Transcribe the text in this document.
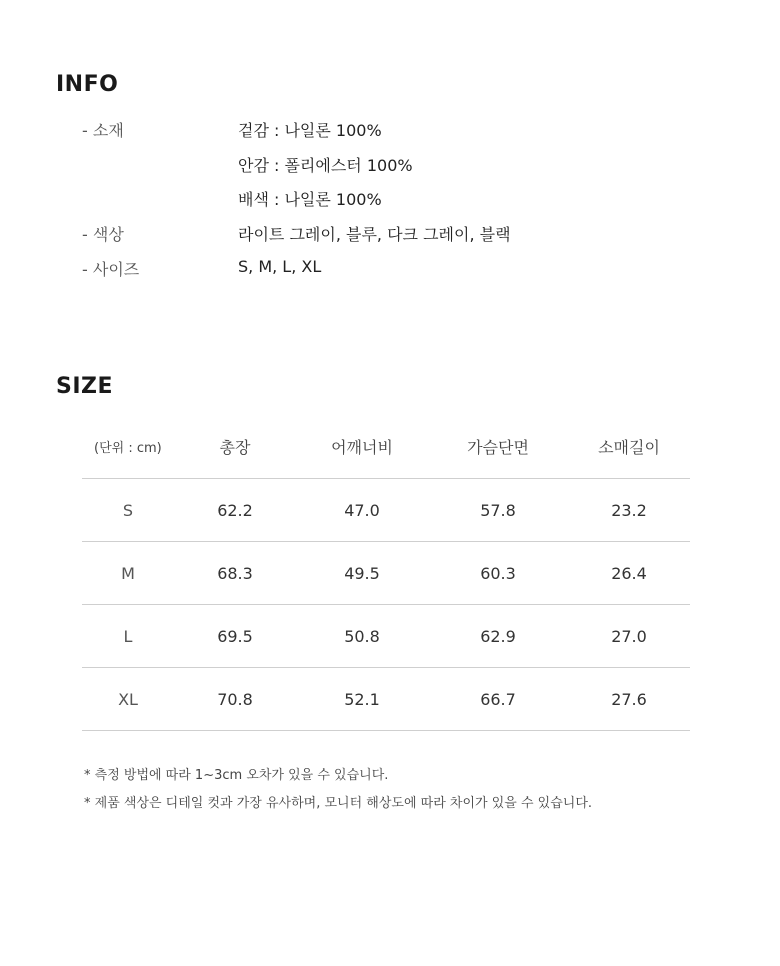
INFO
- 소재	겉감 : 나일론 100%
안감 : 폴리에스터 100%
배색 : 나일론 100%
- 색상	라이트 그레이, 블루, 다크 그레이, 블랙
- 사이즈	S, M, L, XL
SIZE
(단위 : cm)	총장	어깨너비	가슴단면	소매길이
S	62.2	47.0	57.8	23.2
M	68.3	49.5	60.3	26.4
L	69.5	50.8	62.9	27.0
XL	70.8	52.1	66.7	27.6
* 측정 방법에 따라 1~3cm 오차가 있을 수 있습니다.
* 제품 색상은 디테일 컷과 가장 유사하며, 모니터 해상도에 따라 차이가 있을 수 있습니다.
